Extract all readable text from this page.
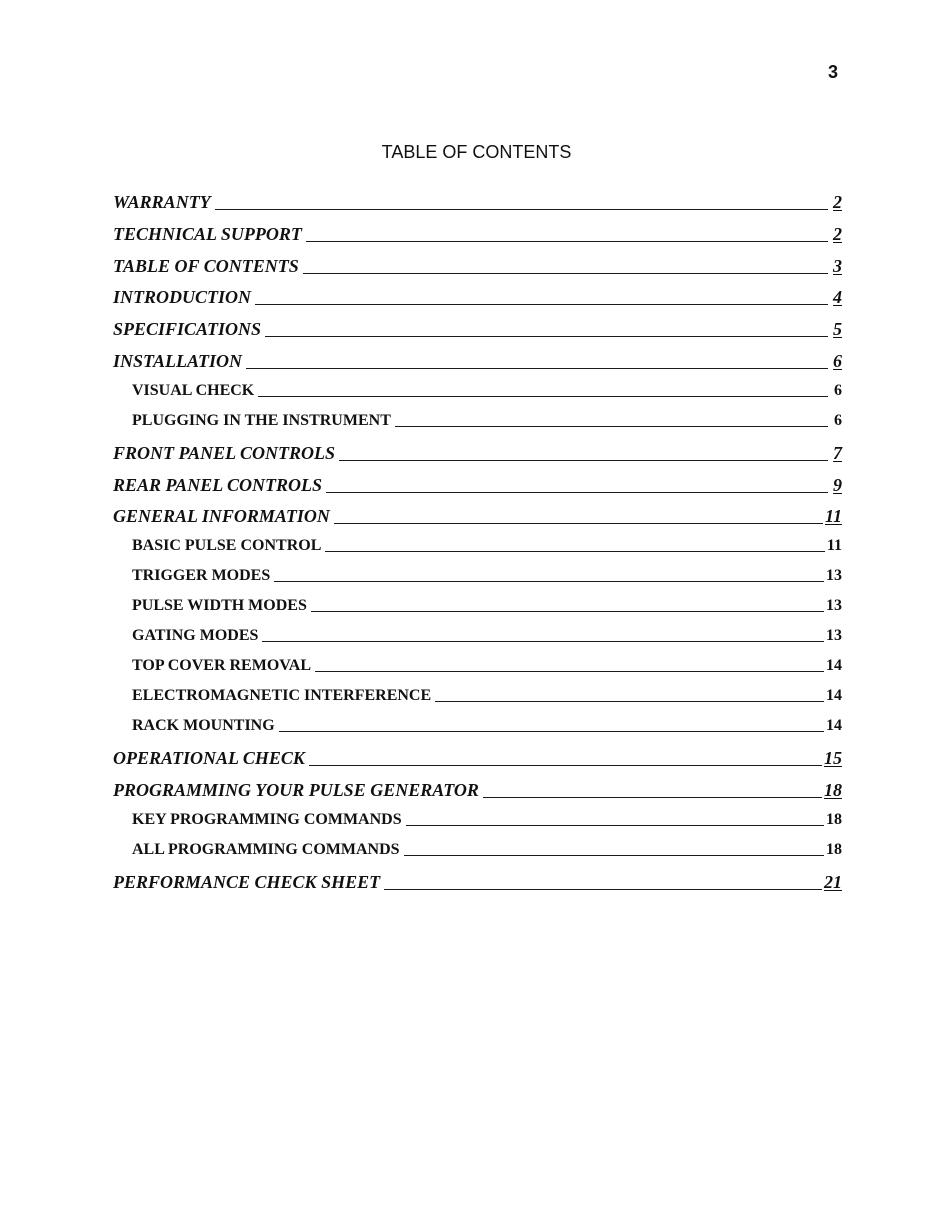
3
TABLE OF CONTENTS
WARRANTY	2
TECHNICAL SUPPORT	2
TABLE OF CONTENTS	3
INTRODUCTION	4
SPECIFICATIONS	5
INSTALLATION	6
VISUAL CHECK	6
PLUGGING IN THE INSTRUMENT	6
FRONT PANEL CONTROLS	7
REAR PANEL CONTROLS	9
GENERAL INFORMATION	11
BASIC PULSE CONTROL	11
TRIGGER MODES	13
PULSE WIDTH MODES	13
GATING MODES	13
TOP COVER REMOVAL	14
ELECTROMAGNETIC INTERFERENCE	14
RACK MOUNTING	14
OPERATIONAL CHECK	15
PROGRAMMING YOUR PULSE GENERATOR	18
KEY PROGRAMMING COMMANDS	18
ALL PROGRAMMING COMMANDS	18
PERFORMANCE CHECK SHEET	21
